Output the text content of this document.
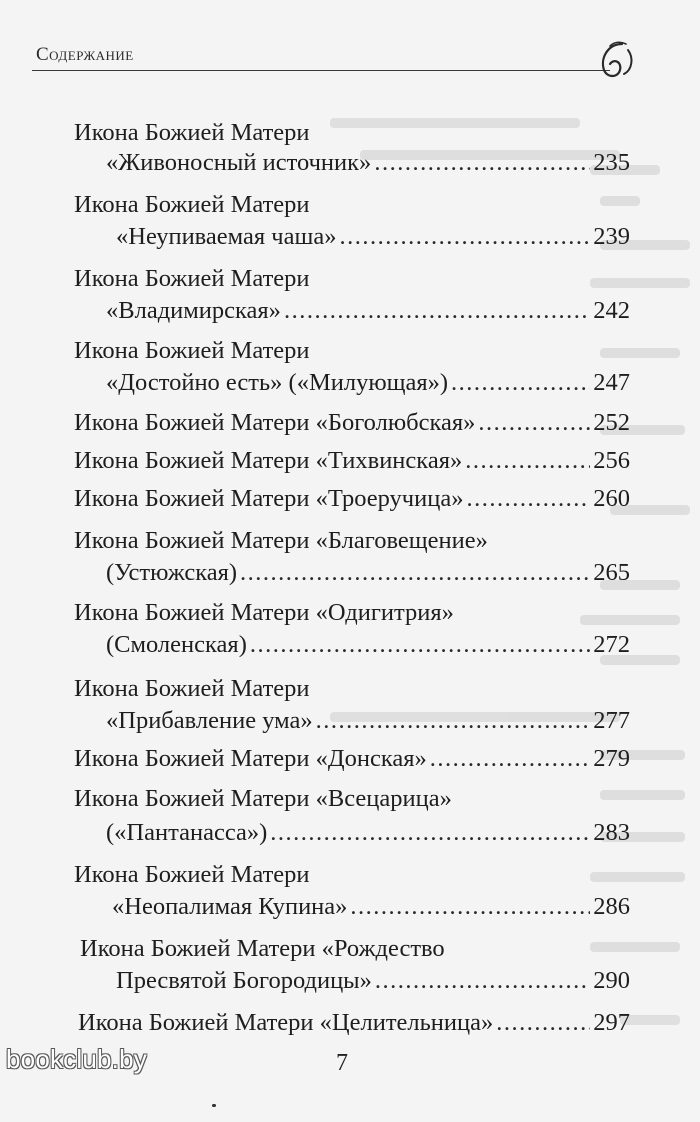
Содержание
Икона Божией Матери
«Живоносный источник» .....	235
Икона Божией Матери
«Неупиваемая чаша» .....	239
Икона Божией Матери
«Владимирская» .....	242
Икона Божией Матери
«Достойно есть» («Милующая») .....	247
Икона Божией Матери «Боголюбская» .....	252
Икона Божией Матери «Тихвинская» .....	256
Икона Божией Матери «Троеручица» .....	260
Икона Божией Матери «Благовещение»
(Устюжская) .....	265
Икона Божией Матери «Одигитрия»
(Смоленская) .....	272
Икона Божией Матери
«Прибавление ума» .....	277
Икона Божией Матери «Донская» .....	279
Икона Божией Матери «Всецарица»
(«Пантанасса») .....	283
Икона Божией Матери
«Неопалимая Купина» .....	286
Икона Божией Матери «Рождество
Пресвятой Богородицы» .....	290
Икона Божией Матери «Целительница» .....	297
bookclub.by	7
